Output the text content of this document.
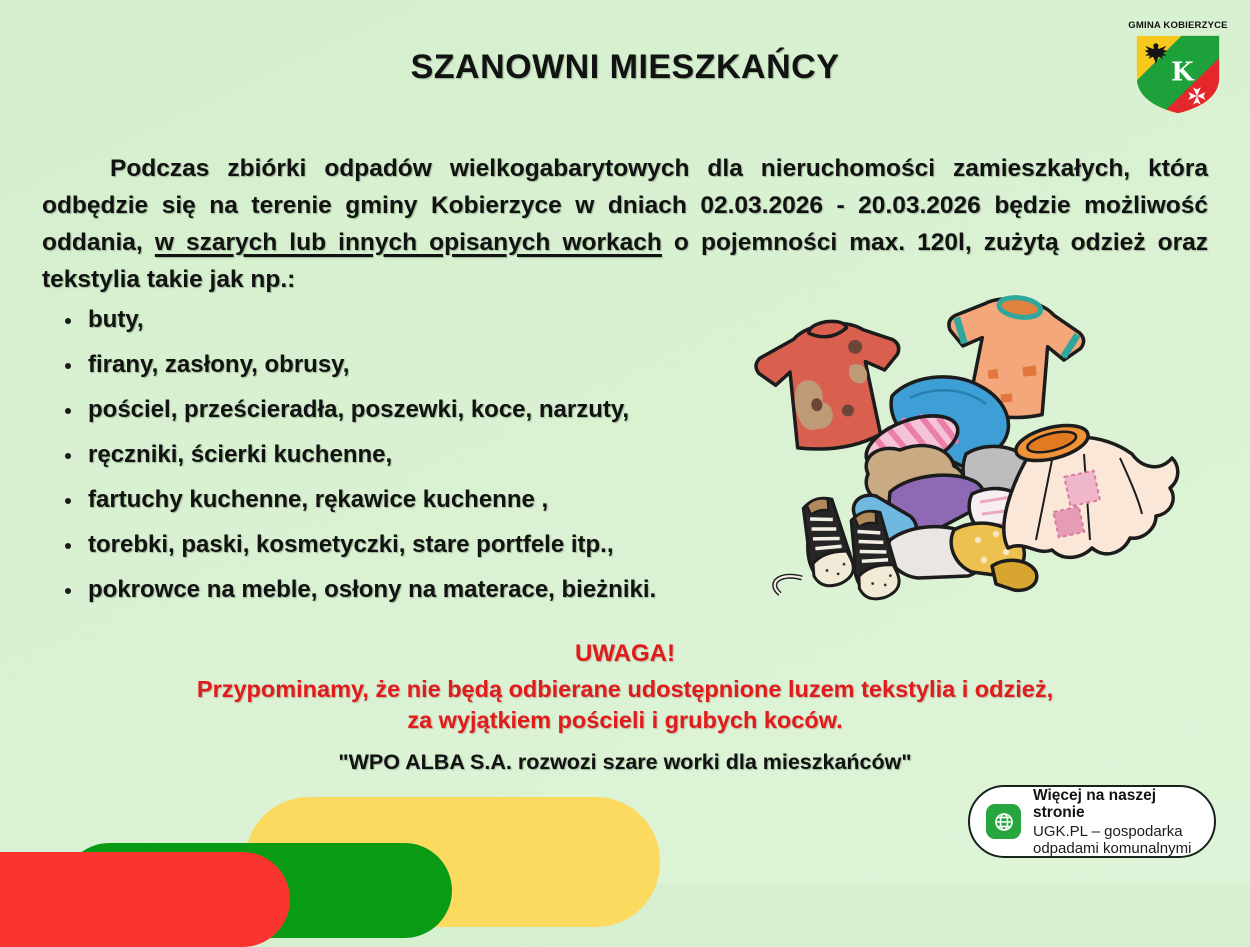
SZANOWNI MIESZKAŃCY
GMINA KOBIERZYCE
K
Podczas zbiórki odpadów wielkogabarytowych dla nieruchomości zamieszkałych, która odbędzie się na terenie gminy Kobierzyce w dniach 02.03.2026 - 20.03.2026 będzie możliwość oddania, w szarych lub innych opisanych workach o pojemności max. 120l, zużytą odzież oraz tekstylia takie jak np.:
buty,
firany, zasłony, obrusy,
pościel, prześcieradła, poszewki, koce, narzuty,
ręczniki, ścierki kuchenne,
fartuchy kuchenne, rękawice kuchenne ,
torebki, paski, kosmetyczki, stare portfele itp.,
pokrowce na meble, osłony na materace, bieżniki.
UWAGA!
Przypominamy, że nie będą odbierane udostępnione luzem tekstylia i odzież,
za wyjątkiem pościeli i grubych koców.
"WPO ALBA S.A. rozwozi szare worki dla mieszkańców"
Więcej na naszej stronie
UGK.PL – gospodarka
odpadami komunalnymi
